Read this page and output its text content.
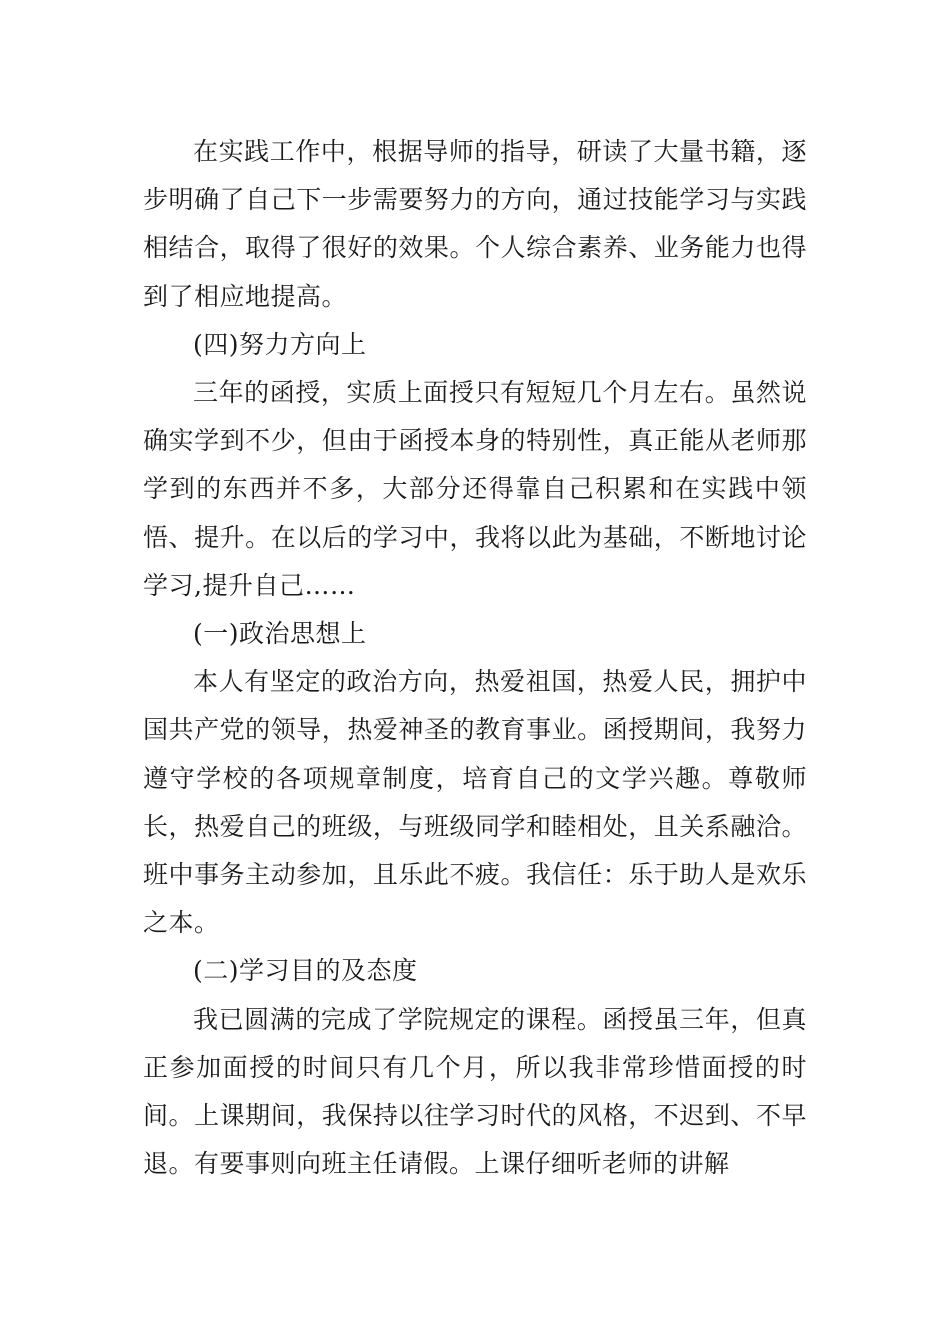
在实践工作中，根据导师的指导，研读了大量书籍，逐步明确了自己下一步需要努力的方向，通过技能学习与实践相结合，取得了很好的效果。个人综合素养、业务能力也得到了相应地提高。

(四)努力方向上

三年的函授，实质上面授只有短短几个月左右。虽然说确实学到不少，但由于函授本身的特别性，真正能从老师那学到的东西并不多，大部分还得靠自己积累和在实践中领悟、提升。在以后的学习中，我将以此为基础，不断地讨论学习,提升自己……

(一)政治思想上

本人有坚定的政治方向，热爱祖国，热爱人民，拥护中国共产党的领导，热爱神圣的教育事业。函授期间，我努力遵守学校的各项规章制度，培育自己的文学兴趣。尊敬师长，热爱自己的班级，与班级同学和睦相处，且关系融洽。班中事务主动参加，且乐此不疲。我信任：乐于助人是欢乐之本。

(二)学习目的及态度

我已圆满的完成了学院规定的课程。函授虽三年，但真正参加面授的时间只有几个月，所以我非常珍惜面授的时间。上课期间，我保持以往学习时代的风格，不迟到、不早退。有要事则向班主任请假。上课仔细听老师的讲解
